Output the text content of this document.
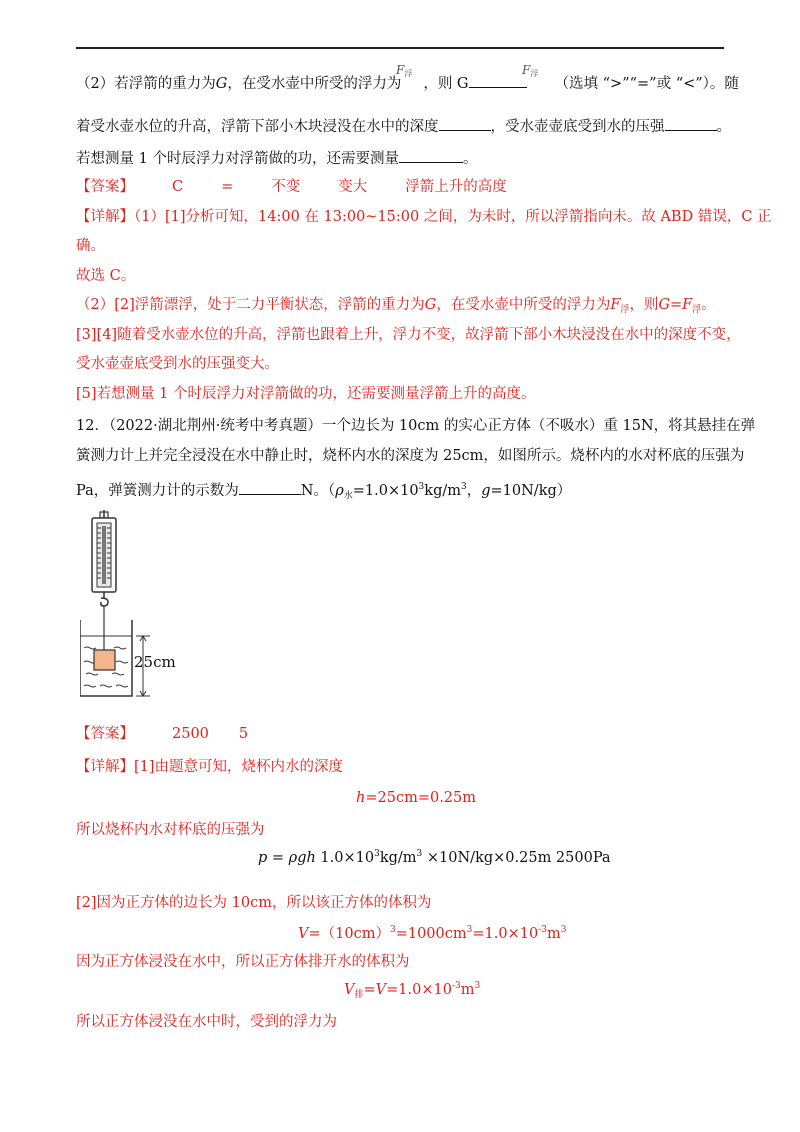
（2）若浮箭的重力为G，在受水壶中所受的浮力为 ，则 G	（选填 “>”“=”或 “<”）。随
F浮	F浮
着受水壶水位的升高，浮箭下部小木块浸没在水中的深度	，受水壶壶底受到水的压强	。
若想测量 1 个时辰浮力对浮箭做的功，还需要测量	。
【答案】	C	=	不变	变大	浮箭上升的高度
【详解】（1）[1]分析可知，14:00 在 13:00~15:00 之间，为未时，所以浮箭指向未。故 ABD 错误，C 正
确。
故选 C。
（2）[2]浮箭漂浮，处于二力平衡状态，浮箭的重力为G，在受水壶中所受的浮力为$F_浮$，则$G=F_浮$。
[3][4]随着受水壶水位的升高，浮箭也跟着上升，浮力不变，故浮箭下部小木块浸没在水中的深度不变，
受水壶壶底受到水的压强变大。
[5]若想测量 1 个时辰浮力对浮箭做的功，还需要测量浮箭上升的高度。
12．（2022·湖北荆州·统考中考真题）一个边长为 10cm 的实心正方体（不吸水）重 15N，将其悬挂在弹
簧测力计上并完全浸没在水中静止时，烧杯内水的深度为 25cm，如图所示。烧杯内的水对杯底的压强为
Pa，弹簧测力计的示数为	N。（$\rho_水=1.0\times 10^3kg/m^3$，g=10N/kg）
25cm
【答案】	2500 5
【详解】[1]由题意可知，烧杯内水的深度
h=25cm=0.25m
所以烧杯内水对杯底的压强为
p = ρgh $1.0\times 10^3kg/m^3 \times 10N/kg\times 0.25m$ 2500Pa
[2]因为正方体的边长为 10cm，所以该正方体的体积为
$V=(10cm)^3=1000cm^3=1.0\times 10^{-3}m^3$
因为正方体浸没在水中，所以正方体排开水的体积为
$V_排=V=1.0\times 10^{-3}m^3$
所以正方体浸没在水中时，受到的浮力为
